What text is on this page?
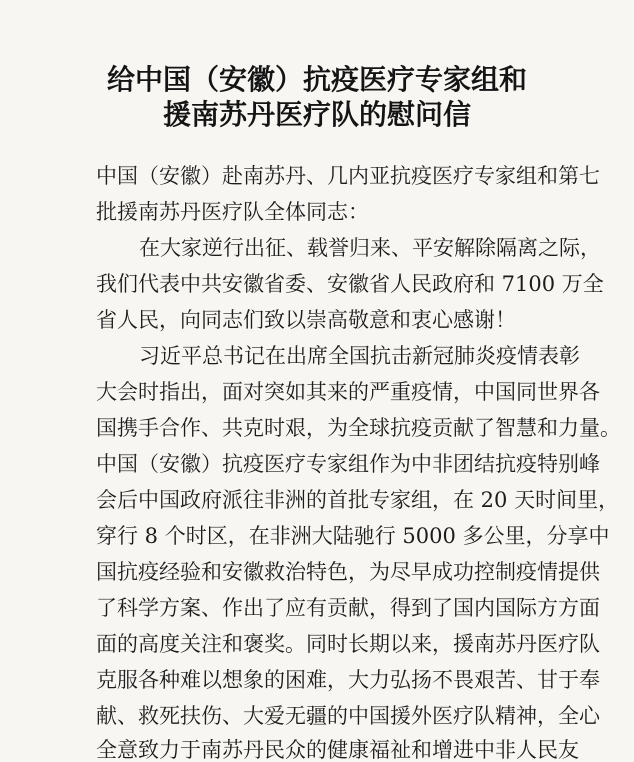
给中国（安徽）抗疫医疗专家组和
援南苏丹医疗队的慰问信
中国（安徽）赴南苏丹、几内亚抗疫医疗专家组和第七
批援南苏丹医疗队全体同志：
在大家逆行出征、载誉归来、平安解除隔离之际，
我们代表中共安徽省委、安徽省人民政府和 7100 万全
省人民，向同志们致以崇高敬意和衷心感谢！
习近平总书记在出席全国抗击新冠肺炎疫情表彰
大会时指出，面对突如其来的严重疫情，中国同世界各
国携手合作、共克时艰，为全球抗疫贡献了智慧和力量。
中国（安徽）抗疫医疗专家组作为中非团结抗疫特别峰
会后中国政府派往非洲的首批专家组，在 20 天时间里，
穿行 8 个时区，在非洲大陆驰行 5000 多公里，分享中
国抗疫经验和安徽救治特色，为尽早成功控制疫情提供
了科学方案、作出了应有贡献，得到了国内国际方方面
面的高度关注和褒奖。同时长期以来，援南苏丹医疗队
克服各种难以想象的困难，大力弘扬不畏艰苦、甘于奉
献、救死扶伤、大爱无疆的中国援外医疗队精神，全心
全意致力于南苏丹民众的健康福祉和增进中非人民友
